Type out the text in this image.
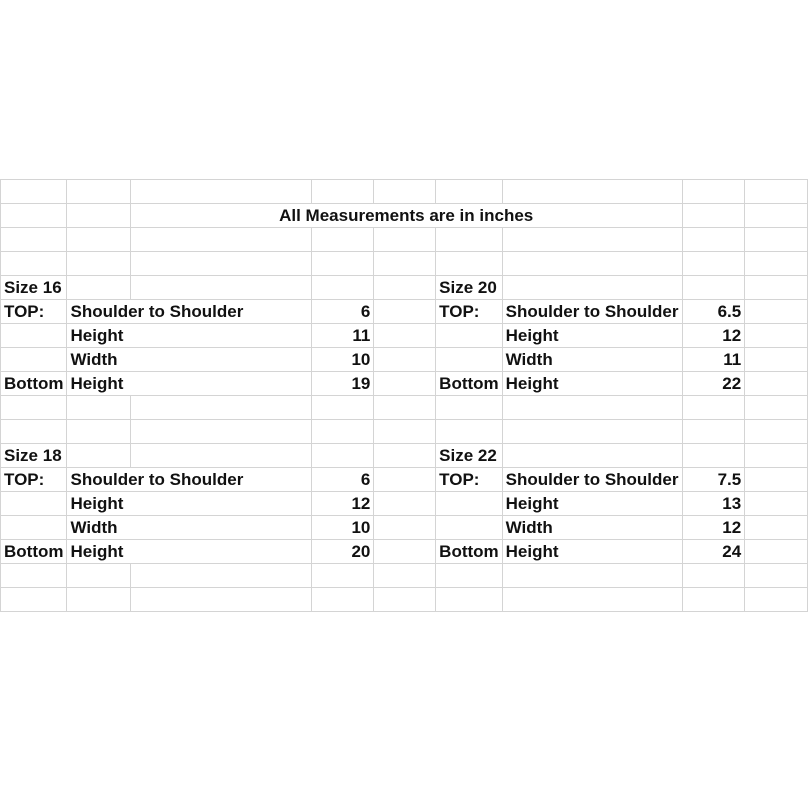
		All Measurements are in inches						

Size 16					Size 20			
TOP:	Shoulder to Shoulder		6		TOP:	Shoulder to Shoulder	6.5	
	Height		11			Height	12	
	Width		10			Width	11	
Bottom	Height		19		Bottom	Height	22	

Size 18					Size 22			
TOP:	Shoulder to Shoulder		6		TOP:	Shoulder to Shoulder	7.5	
	Height		12			Height	13	
	Width		10			Width	12	
Bottom	Height		20		Bottom	Height	24	
